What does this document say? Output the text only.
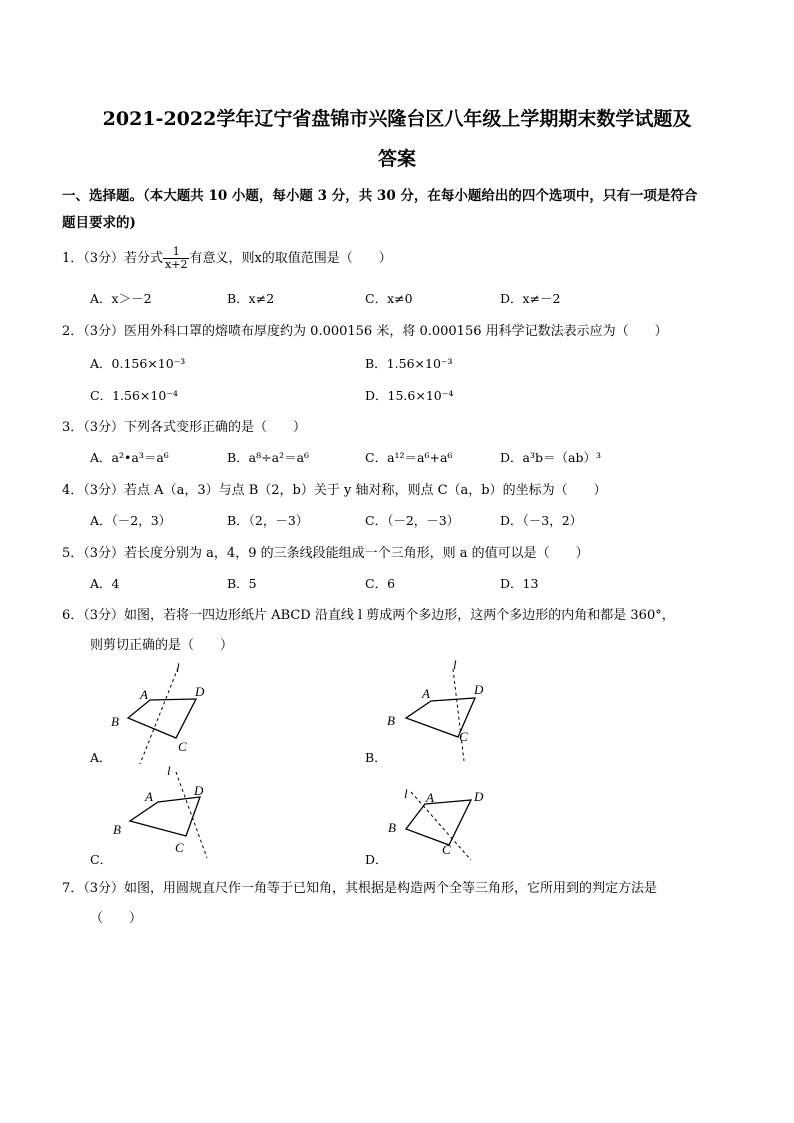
2021-2022学年辽宁省盘锦市兴隆台区八年级上学期期末数学试题及
答案
一、选择题。（本大题共 10 小题，每小题 3 分，共 30 分，在每小题给出的四个选项中，只有一项是符合
题目要求的)
1．（3分）若分式 $\frac{1}{x+2}$ 有意义，则x的取值范围是（　　）
A．x＞－2	B．x≠2	C．x≠0	D．x≠－2
2．（3分）医用外科口罩的熔喷布厚度约为 0.000156 米，将 0.000156 用科学记数法表示应为（　　）
A．0.156×10⁻³	B．1.56×10⁻³
C．1.56×10⁻⁴	D．15.6×10⁻⁴
3．（3分）下列各式变形正确的是（　　）
A．a²•a³＝a⁶	B．a⁸÷a²＝a⁶	C．a¹²＝a⁶+a⁶	D．a³b＝（ab）³
4．（3分）若点 A（a，3）与点 B（2，b）关于 y 轴对称，则点 C（a，b）的坐标为（　　）
A．（－2，3）	B．（2，－3）	C．（－2，－3）	D．（－3，2）
5．（3分）若长度分别为 a，4，9 的三条线段能组成一个三角形，则 a 的值可以是（　　）
A．4	B．5	C．6	D．13
6．（3分）如图，若将一四边形纸片 ABCD 沿直线 l 剪成两个多边形，这两个多边形的内角和都是 360°，
则剪切正确的是（　　）
A
B
C
D
l
A．
A
B
C
D
l
B．
A
B
C
D
l
C．
A
B
C
D
l
D．
7．（3分）如图，用圆规直尺作一角等于已知角，其根据是构造两个全等三角形，它所用到的判定方法是
（　　）
